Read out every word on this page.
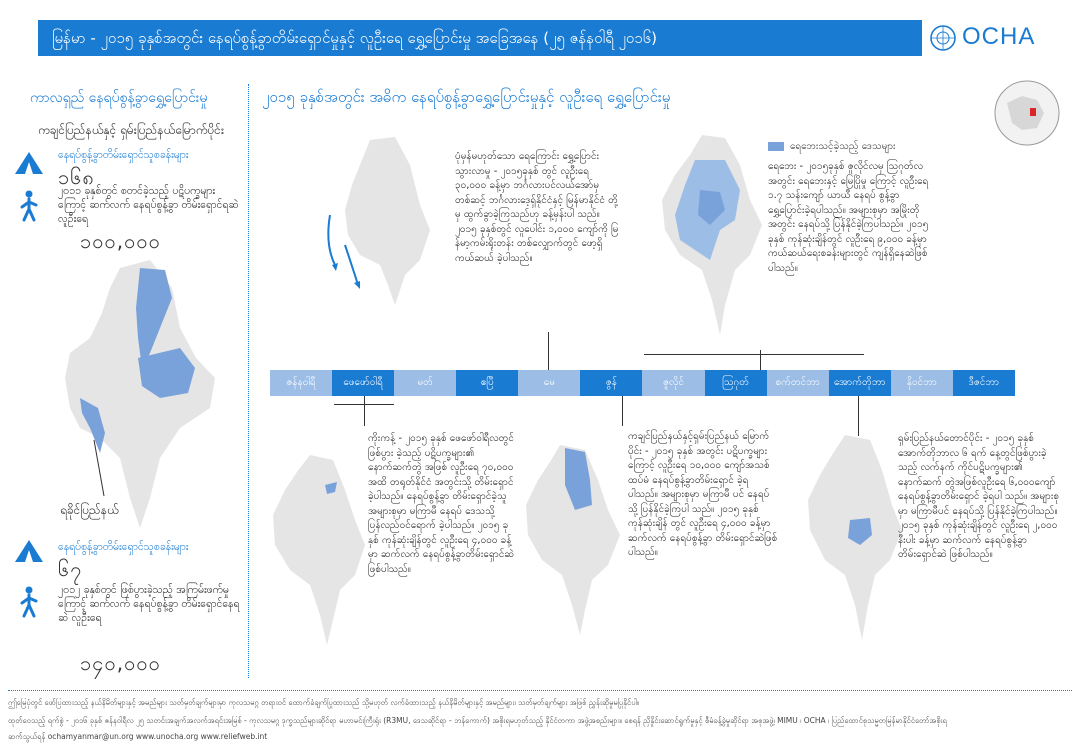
မြန်မာ - ၂၀၁၅ ခုနှစ်အတွင်း နေရပ်စွန့်ခွာတိမ်းရှောင်မှုနှင့် လူဦးရေ ရွှေ့ပြောင်းမှု အခြေအနေ (၂၅ ဇန်နဝါရီ ၂၀၁၆)	OCHA
ကာလရှည် နေရပ်စွန့်ခွာရွှေ့ပြောင်းမှု
ကချင်ပြည်နယ်နှင့် ရှမ်းပြည်နယ်မြောက်ပိုင်း
နေရပ်စွန့်ခွာတိမ်းရှောင်သူစခန်းများ
၁၆၈
၂၀၁၁ ခုနှစ်တွင် စတင်ခဲ့သည့် ပဋိပက္ခများကြောင့် ဆက်လက် နေရပ်စွန့်ခွာ တိမ်းရှောင်ရဆဲ လူဦးရေ
၁၀၀,၀၀၀
ရခိုင်ပြည်နယ်
နေရပ်စွန့်ခွာတိမ်းရှောင်သူစခန်းများ
၆၇
၂၀၁၂ ခုနှစ်တွင် ဖြစ်ပွားခဲ့သည့် အကြမ်းဖက်မှုကြောင့် ဆက်လက် နေရပ်စွန့်ခွာ တိမ်းရှောင်နေရဆဲ လူဦးရေ
၁၄၀,၀၀၀
၂၀၁၅ ခုနှစ်အတွင်း အဓိက နေရပ်စွန့်ခွာရွှေ့ပြောင်းမှုနှင့် လူဦးရေ ရွှေ့ပြောင်းမှု
ပုံမှန်မဟုတ်သော ရေကြောင်း ရွှေ့ပြောင်းသွားလာမှု - ၂၀၁၅ခုနှစ် တွင် လူဦးရေ ၃၀,၀၀၀ ခန့်မှာ ဘင်္ဂလားပင်လယ်အော်မှတစ်ဆင့် ဘင်္ဂလားဒေ့ရှ်နိုင်ငံနှင့် မြန်မာနိုင်ငံ တို့မှ ထွက်ခွာခဲ့ကြသည်ဟု ခန့်မှန်းပါ သည်။ ၂၀၁၅ ခုနှစ်တွင် လူပေါင်း ၁,၀၀၀ ကျော်ကို မြန်မာ့ကမ်းရိုးတန်း တစ်လျှောက်တွင် ဖော့ရှိကယ်ဆယ် ခဲ့ပါသည်။
ရေဘေးသင့်ခဲ့သည့် ဒေသများ
ရေဘေး - ၂၀၁၅ခုနှစ် ဇူလိုင်လမှ ဩဂုတ်လအတွင်း ရေဘေးနှင့် မြေပြိုမှု ကြောင့် လူဦးရေ ၁.၇ သန်းကျော် ယာယီ နေရပ် စွန့်ခွာရွှေ့ပြောင်းခဲ့ရပါသည်။ အများစုမှာ အမြိုးတိုအတွင်း နေရပ်သို့ ပြန်နိုင်ခဲ့ကြပါသည်။ ၂၀၁၅ ခုနှစ် ကုန်ဆုံးချိန်တွင် လူဦးရေ ၉,၀၀၀ ခန့်မှာ ကယ်ဆယ်ရေးစခန်းများတွင် ကျန်ရှိနေဆဲဖြစ်ပါသည်။
ဇန်နဝါရီ	ဖေဖော်ဝါရီ	မတ်	ဧပြီ	မေ	ဇွန်	ဇူလိုင်	ဩဂုတ်	စက်တင်ဘာ	အောက်တိုဘာ	နိုဝင်ဘာ	ဒီဇင်ဘာ
ကိုးကန့် - ၂၀၁၅ ခုနှစ် ဖေဖော်ဝါရီလတွင် ဖြစ်ပွား ခဲ့သည့် ပဋိပက္ခများ၏ နောက်ဆက်တွဲ အဖြစ် လူဦးရေ ၇၀,၀၀၀ အထိ တရုတ်နိုင်ငံ အတွင်းသို့ တိမ်းရှောင်ခဲ့ပါသည်။ နေရပ်စွန့်ခွာ တိမ်းရှောင်ခဲ့သူ အများစုမှာ မကြာမီ နေရပ် ဒေသသို့ ပြန်လည်ဝင်ရောက် ခဲ့ပါသည်။ ၂၀၁၅ ခုနှစ် ကုန်ဆုံးချိန်တွင် လူဦးရေ ၄,၀၀၀ ခန့်မှာ ဆက်လက် နေရပ်စွန့်ခွာတိမ်းရှောင်ဆဲ ဖြစ်ပါသည်။
ကချင်ပြည်နယ်နှင့်ရှမ်းပြည်နယ် မြောက်ပိုင်း - ၂၀၁၅ ခုနှစ် အတွင်း ပဋိပက္ခများကြောင့် လူဦးရေ ၁၀,၀၀၀ ကျော်အသစ် ထပ်မံ နေရပ်စွန့်ခွာတိမ်းရှောင် ခဲ့ရပါသည်။ အများစုမှာ မကြာမီ ပင် နေရပ်သို့ ပြန်နိုင်ခဲ့ကြပါ သည်။ ၂၀၁၅ ခုနှစ် ကုန်ဆုံးချိန် တွင် လူဦးရေ ၄,၀၀၀ ခန့်မှာ ဆက်လက် နေရပ်စွန့်ခွာ တိမ်းရှောင်ဆဲဖြစ်ပါသည်။
ရှမ်းပြည်နယ်တောင်ပိုင်း - ၂၀၁၅ ခုနှစ် အောက်တိုဘာလ ၆ ရက် နေ့တွင်ဖြစ်ပွားခဲ့သည့် လက်နက် ကိုင်ပဋိပက္ခများ၏ နောက်ဆက် တွဲအဖြစ်လူဦးရေ ၆,၀၀၀ကျော် နေရပ်စွန့်ခွာတိမ်းရှောင် ခဲ့ရပါ သည်။ အများစုမှာ မကြာမီပင် နေရပ်သို့ ပြန်နိုင်ခဲ့ကြပါသည်။ ၂၀၁၅ ခုနှစ် ကုန်ဆုံးချိန်တွင် လူဦးရေ ၂,၀၀၀ နီးပါး ခန့်မှာ ဆက်လက် နေရပ်စွန့်ခွာ တိမ်းရှောင်ဆဲ ဖြစ်ပါသည်။

ဤမြေပုံတွင် ဖော်ပြထားသည့် နယ်နိမိတ်များနှင့် အမည်များ သတ်မှတ်ချက်များမှာ ကုလသမဂ္ဂ တရားဝင် ထောက်ခံချက်ပြုထားသည် သို့မဟုတ် လက်ခံထားသည့် နယ်နိမိတ်များနှင့် အမည်များ၊ သတ်မှတ်ချက်များ အဖြစ် ညွှန်းဆိုမှုမပြုနိုင်ပါ။

ထုတ်ဝေသည့် ရက်စွဲ - ၂၀၁၆ ခုနှစ် ဇန်နဝါရီလ ၂၅ သတင်းအချက်အလက်အရင်းအမြစ် - ကုလသမဂ္ဂ ဒုက္ခသည်များဆိုင်ရာ မဟာမင်းကြီးရုံး (R3MU, ဒေသဆိုင်ရာ - ဘန်ကောက်) အစိုးရမဟုတ်သည့် နိုင်ငံတကာ အဖွဲ့အစည်းများ။ စေရန် ညှိနှိုင်းဆောင်ရွက်မှုနှင့် စီမံခန့်ခွဲမှုဆိုင်ရာ အစုအဖွဲ့၊ MIMU ၊ OCHA ၊ ပြည်ထောင်စုသမ္မတမြန်မာနိုင်ငံတော်အစိုးရ

ဆက်သွယ်ရန် ochamyanmar@un.org www.unocha.org www.reliefweb.int
